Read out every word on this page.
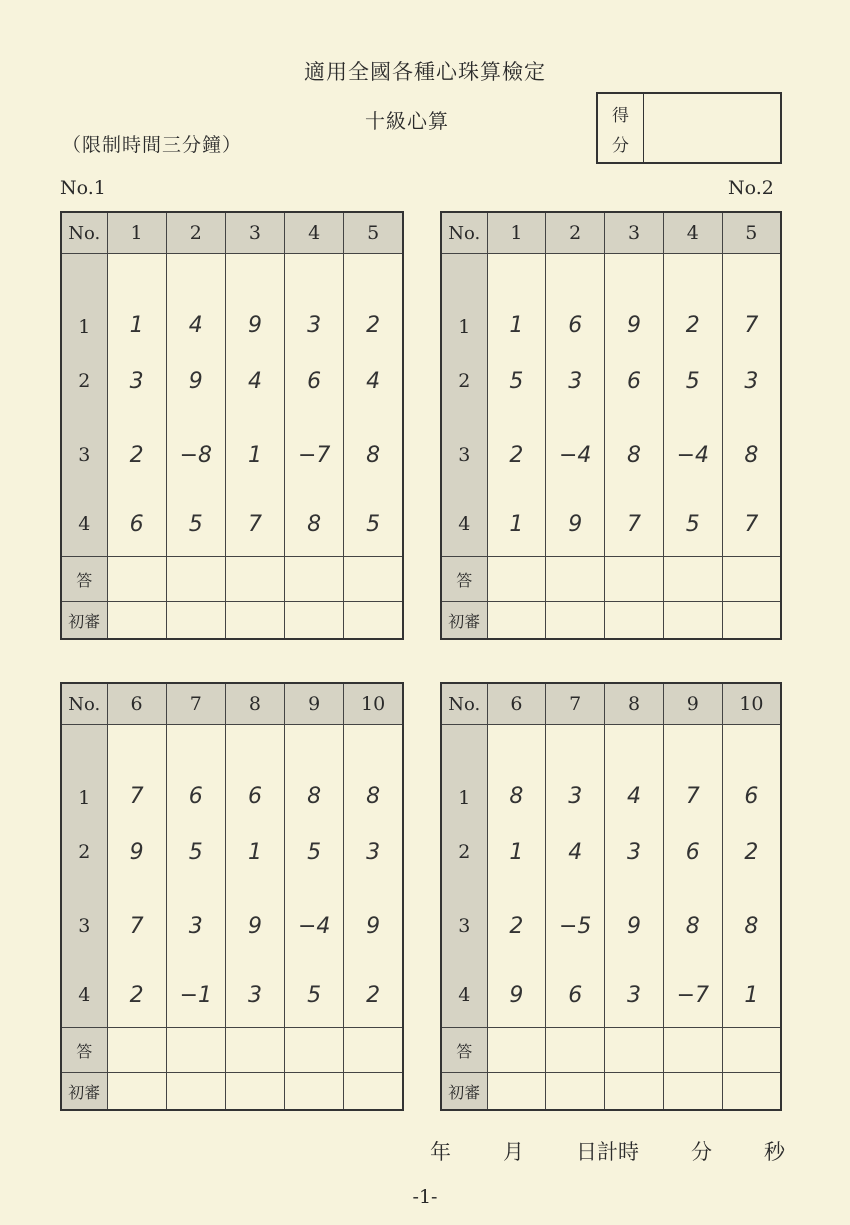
適用全國各種心珠算檢定
十級心算
（限制時間三分鐘）
得
分
No.1	No.2
No.	1	2	3	4	5
1	1	4	9	3	2
2	3	9	4	6	4
3	2	−8	1	−7	8
4	6	5	7	8	5
答					
初審					
No.	1	2	3	4	5
1	1	6	9	2	7
2	5	3	6	5	3
3	2	−4	8	−4	8
4	1	9	7	5	7
答					
初審					
No.	6	7	8	9	10
1	7	6	6	8	8
2	9	5	1	5	3
3	7	3	9	−4	9
4	2	−1	3	5	2
答					
初審					
No.	6	7	8	9	10
1	8	3	4	7	6
2	1	4	3	6	2
3	2	−5	9	8	8
4	9	6	3	−7	1
答					
初審					
年 月 日計時 分 秒
-1-
